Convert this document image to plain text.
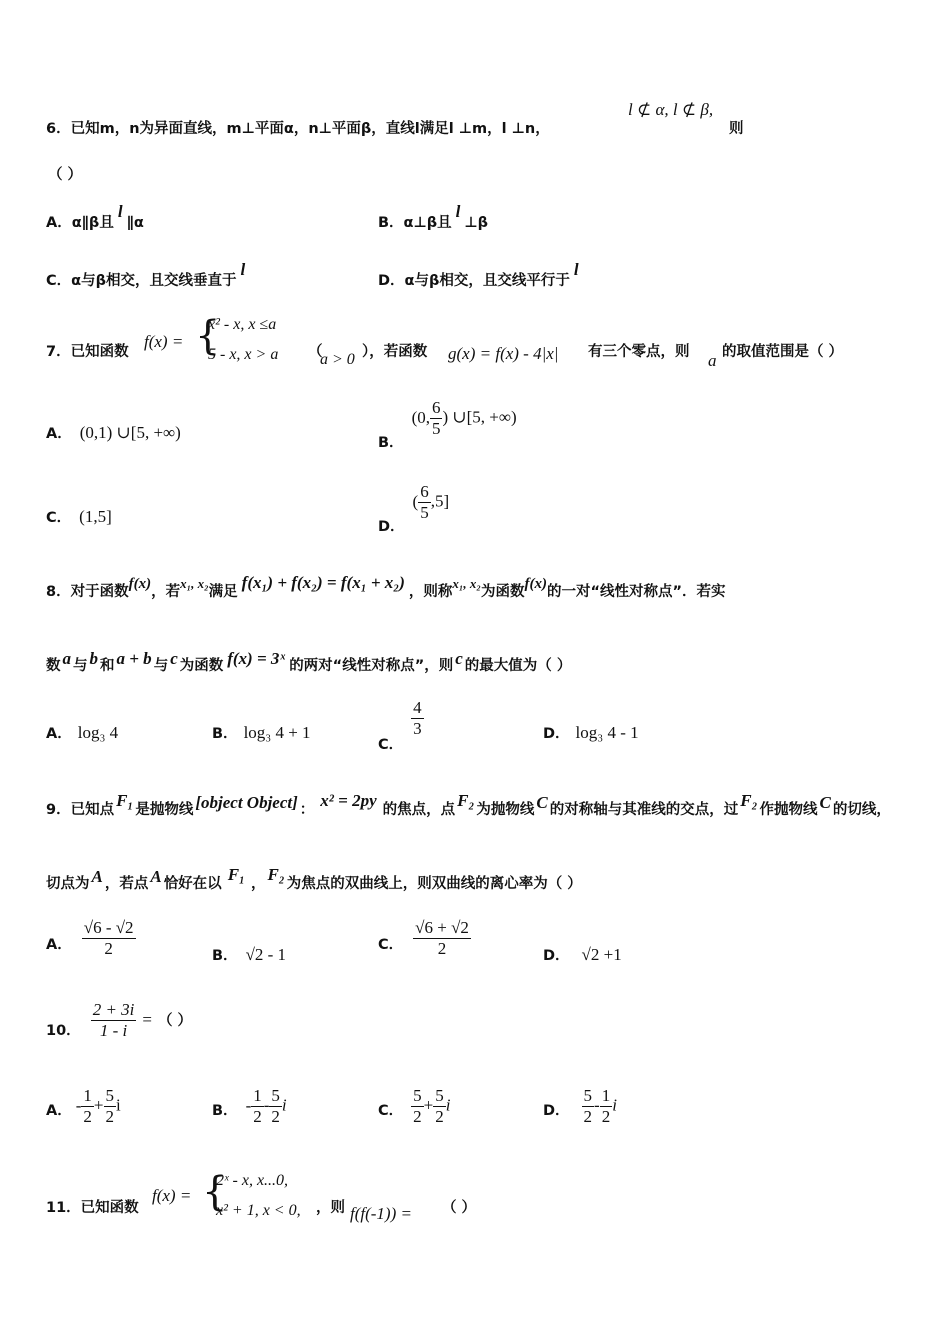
6．已知m，n为异面直线，m⊥平面α，n⊥平面β，直线l满足l ⊥m，l ⊥n，
l ⊄ α, l ⊄ β,
则
（ ）
A．α∥β且l∥α	B．α⊥β且l⊥β
C．α与β相交，且交线垂直于l
D．α与β相交，且交线平行于l
7．已知函数
f(x) = {
x² - x, x ≤a
5 - x, x > a （
a > 0 ），若函数 g(x) = f(x) - 4|x| 有三个零点，则 a 的取值范围是（ ）
A． (0,1) ∪[5, +∞)
B．(0, $\frac{6}{5}$ ) ∪[5, +∞)
C． (1,5]
D．( $\frac{6}{5} ,5$]
8．对于函数f(x)，若x₁, x₂满足 f(x₁) + f(x₂) = f(x₁ + x₂) ，则称x₁, x₂为函数f(x)的一对“线性对称点”．若实
数 a 与 b 和 a + b 与 c 为函数 f(x) = 3ˣ 的两对“线性对称点”，则 c 的最大值为（ ）
A． log₃ 4	B． log₃ 4 + 1
C．
$\frac{4}{3}$	D． log₃ 4 - 1
9．已知点 F₁ 是抛物线 [object Object] ： x² = 2py 的焦点，点 F₂ 为抛物线 C 的对称轴与其准线的交点，过 F₂ 作抛物线 C 的切线，
切点为 A ，若点 A 恰好在以 F₁ ， F₂ 为焦点的双曲线上，则双曲线的离心率为（ ）
A． $\frac{√6 - √2}{2}$	B． √2 - 1
C． $\frac{√6 + √2}{2}$	D． √2 +1
10． $\frac{2 + 3i}{1 - i}$ = （ ）
A． - $\frac{1}{2} + \frac{5}{2}$ i	B． - $\frac{1}{2} - \frac{5}{2}$ i	C． $\frac{5}{2} + \frac{5}{2}$ i	D． $\frac{5}{2} - \frac{1}{2}$ i
11．已知函数
f(x) = {
2ˣ - x, x...0,
x² + 1, x < 0, ，则 f(f(-1)) = （ ）
